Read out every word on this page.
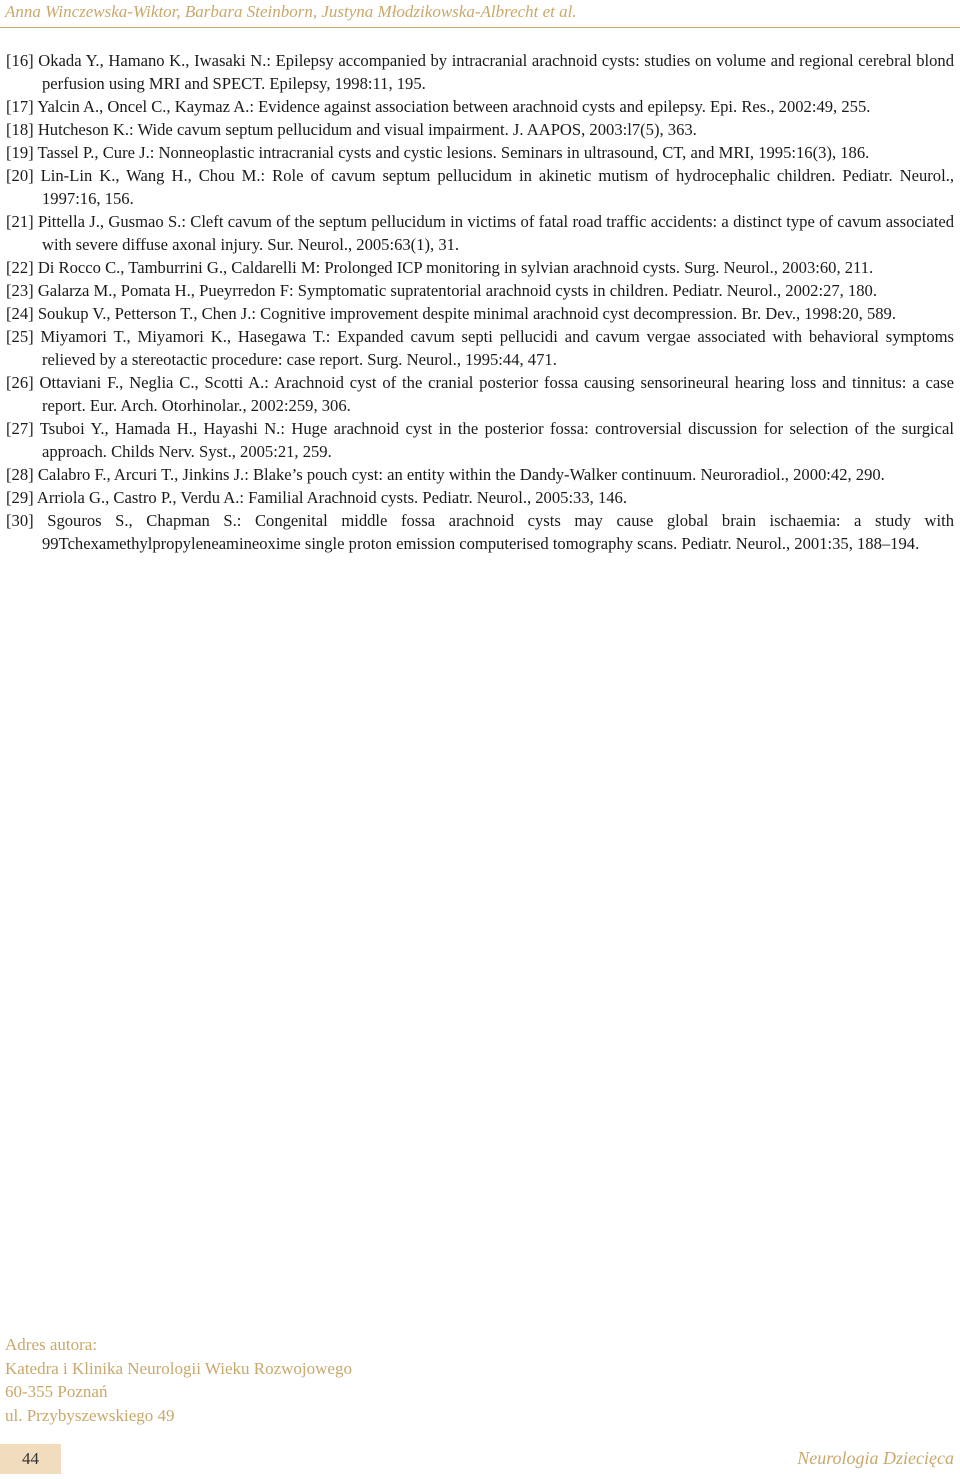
Anna Winczewska-Wiktor, Barbara Steinborn, Justyna Młodzikowska-Albrecht et al.
[16] Okada Y., Hamano K., Iwasaki N.: Epilepsy accompanied by intracranial arachnoid cysts: studies on volume and regional cerebral blond perfusion using MRI and SPECT. Epilepsy, 1998:11, 195.
[17] Yalcin A., Oncel C., Kaymaz A.: Evidence against association between arachnoid cysts and epilepsy. Epi. Res., 2002:49, 255.
[18] Hutcheson K.: Wide cavum septum pellucidum and visual impairment. J. AAPOS, 2003:l7(5), 363.
[19] Tassel P., Cure J.: Nonneoplastic intracranial cysts and cystic lesions. Seminars in ultrasound, CT, and MRI, 1995:16(3), 186.
[20] Lin-Lin K., Wang H., Chou M.: Role of cavum septum pellucidum in akinetic mutism of hydrocephalic children. Pediatr. Neurol., 1997:16, 156.
[21] Pittella J., Gusmao S.: Cleft cavum of the septum pellucidum in victims of fatal road traffic accidents: a distinct type of cavum associated with severe diffuse axonal injury. Sur. Neurol., 2005:63(1), 31.
[22] Di Rocco C., Tamburrini G., Caldarelli M: Prolonged ICP monitoring in sylvian arachnoid cysts. Surg. Neurol., 2003:60, 211.
[23] Galarza M., Pomata H., Pueyrredon F: Symptomatic supratentorial arachnoid cysts in children. Pediatr. Neurol., 2002:27, 180.
[24] Soukup V., Petterson T., Chen J.: Cognitive improvement despite minimal arachnoid cyst decompression. Br. Dev., 1998:20, 589.
[25] Miyamori T., Miyamori K., Hasegawa T.: Expanded cavum septi pellucidi and cavum vergae associated with behavioral symptoms relieved by a stereotactic procedure: case report. Surg. Neurol., 1995:44, 471.
[26] Ottaviani F., Neglia C., Scotti A.: Arachnoid cyst of the cranial posterior fossa causing sensorineural hearing loss and tinnitus: a case report. Eur. Arch. Otorhinolar., 2002:259, 306.
[27] Tsuboi Y., Hamada H., Hayashi N.: Huge arachnoid cyst in the posterior fossa: controversial discussion for selection of the surgical approach. Childs Nerv. Syst., 2005:21, 259.
[28] Calabro F., Arcuri T., Jinkins J.: Blake’s pouch cyst: an entity within the Dandy-Walker continuum. Neuroradiol., 2000:42, 290.
[29] Arriola G., Castro P., Verdu A.: Familial Arachnoid cysts. Pediatr. Neurol., 2005:33, 146.
[30] Sgouros S., Chapman S.: Congenital middle fossa arachnoid cysts may cause global brain ischaemia: a study with 99Tchexamethylpropyleneamineoxime single proton emission computerised tomography scans. Pediatr. Neurol., 2001:35, 188–194.
Adres autora:
Katedra i Klinika Neurologii Wieku Rozwojowego
60-355 Poznań
ul. Przybyszewskiego 49
44	Neurologia Dziecięca
